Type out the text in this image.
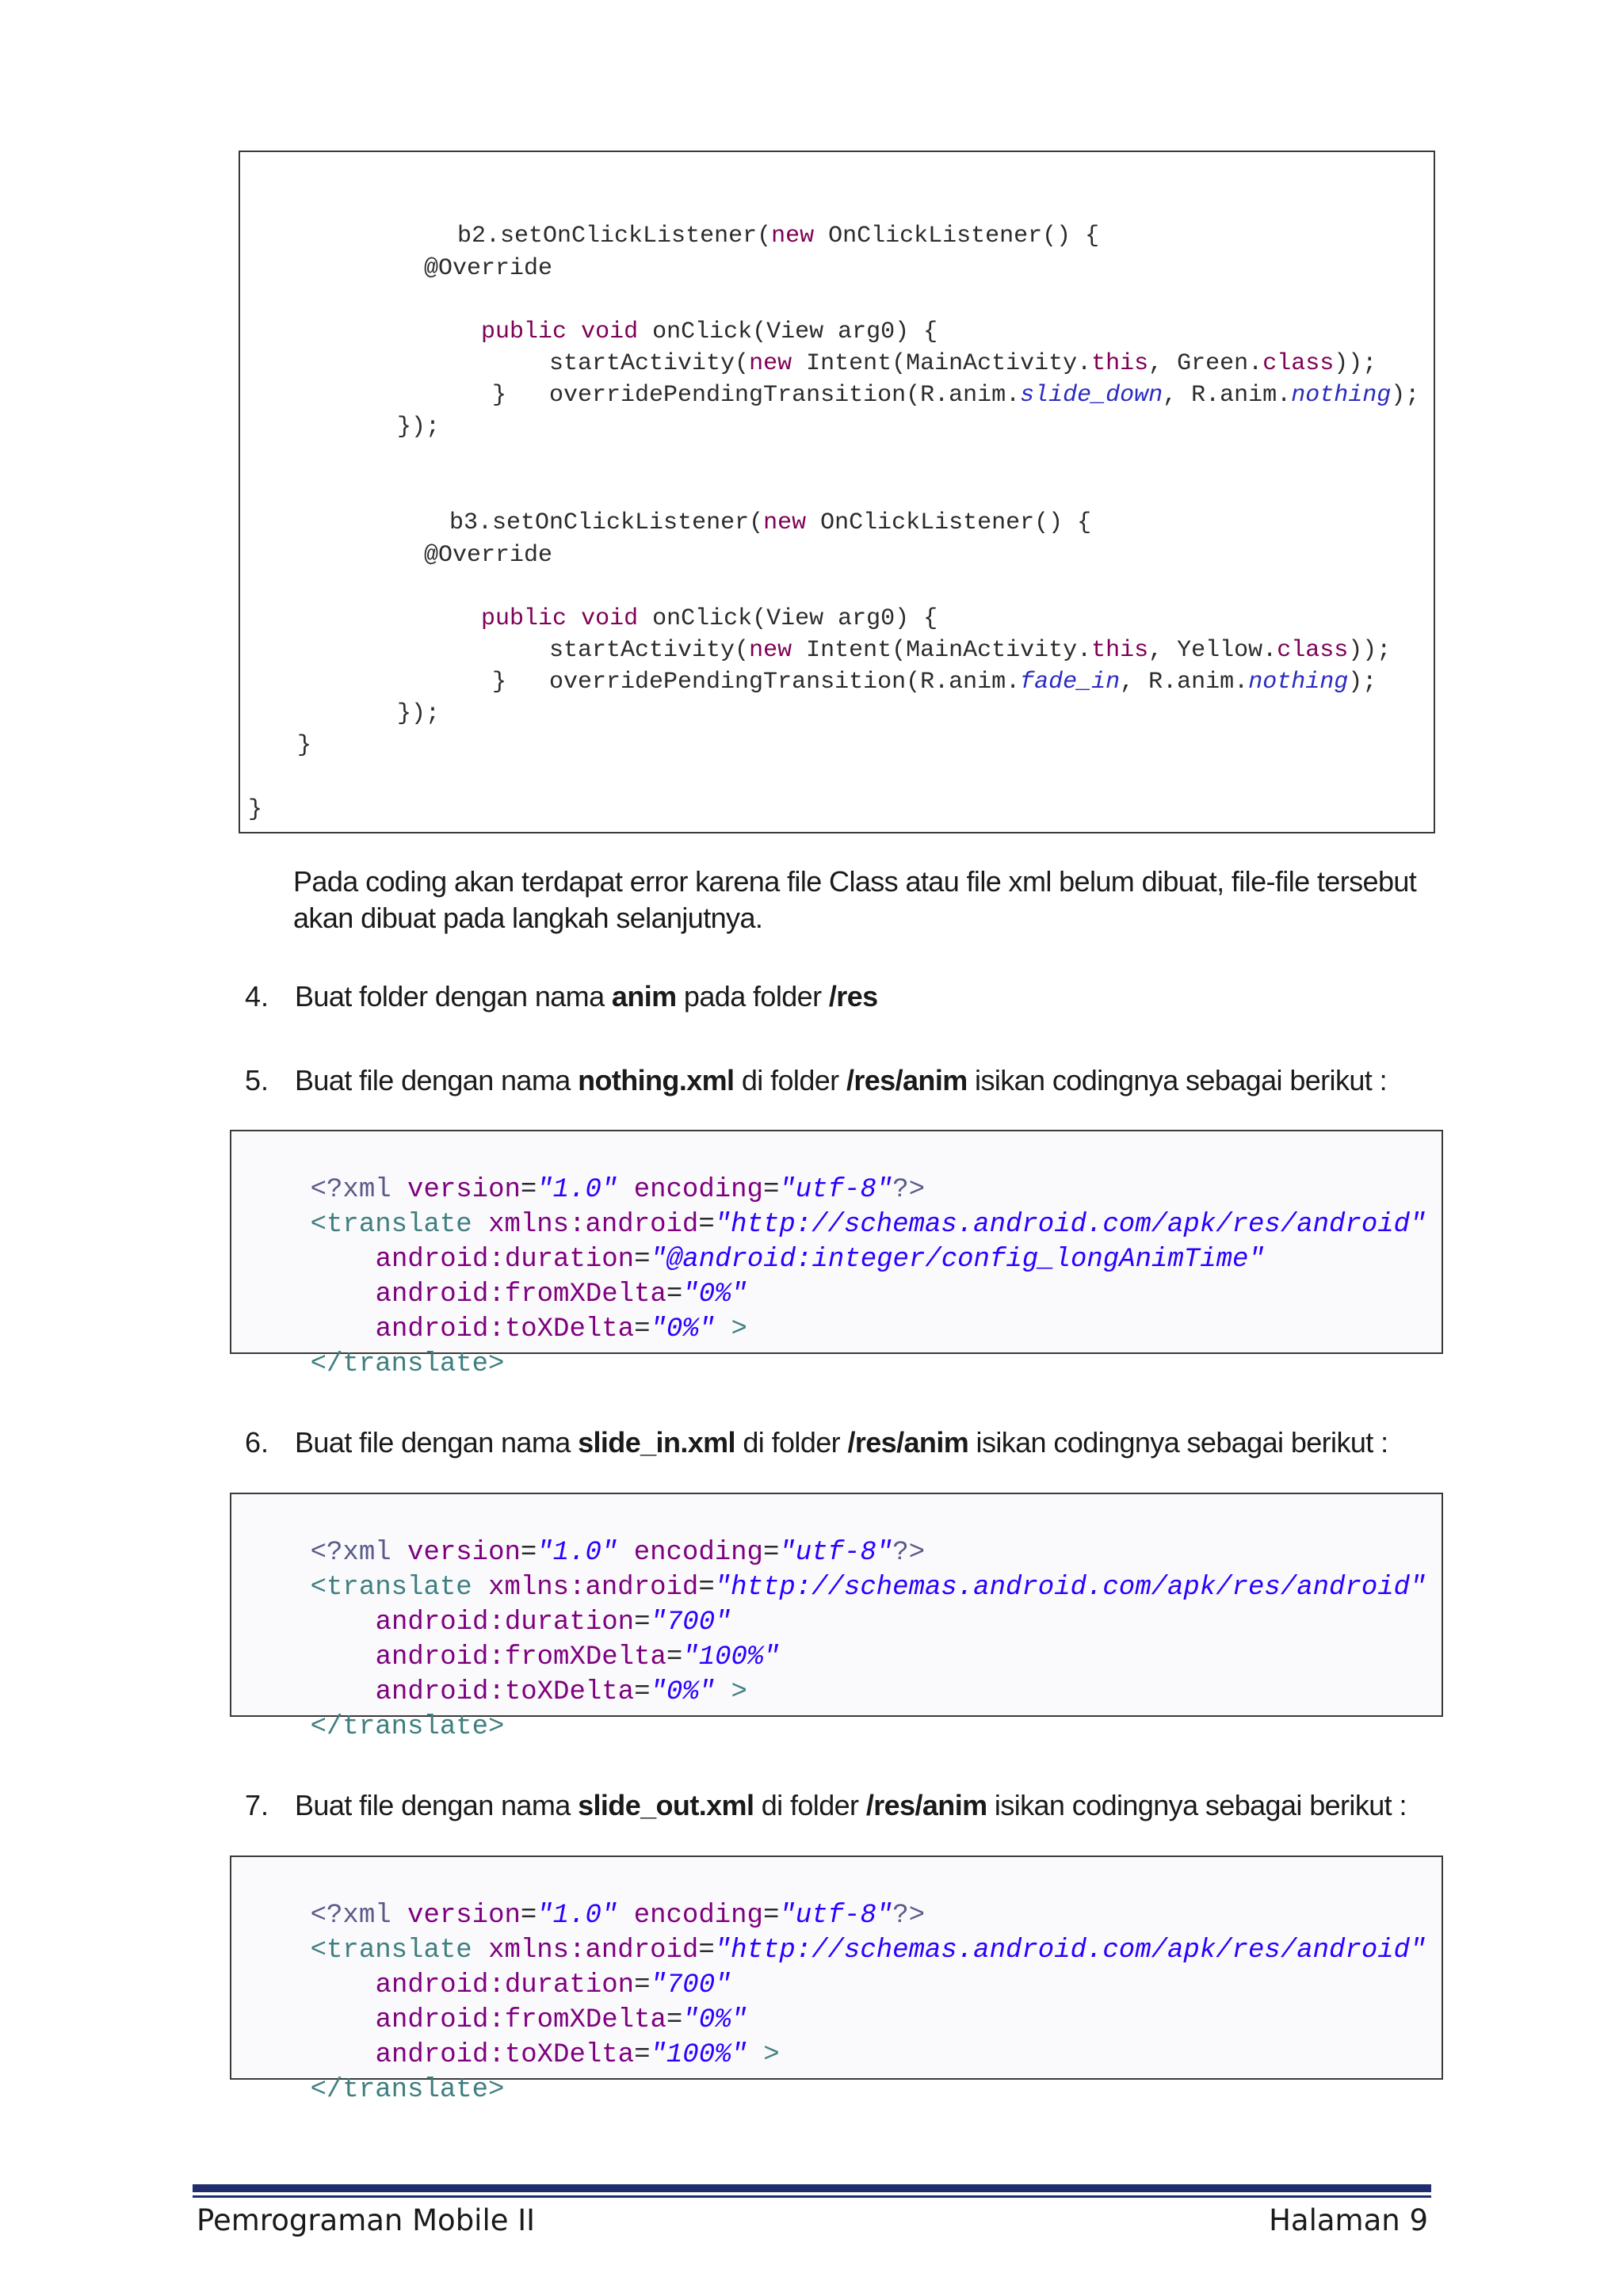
b2.setOnClickListener(new OnClickListener() {

@Override

public void onClick(View arg0) {

startActivity(new Intent(MainActivity.this, Green.class));

overridePendingTransition(R.anim.slide_down, R.anim.nothing);

}
});

b3.setOnClickListener(new OnClickListener() {

@Override

public void onClick(View arg0) {

startActivity(new Intent(MainActivity.this, Yellow.class));

overridePendingTransition(R.anim.fade_in, R.anim.nothing);

}
});
}
}
Pada coding akan terdapat error karena file Class atau file xml belum dibuat, file-file tersebut
akan dibuat pada langkah selanjutnya.
4. Buat folder dengan nama anim pada folder /res
5. Buat file dengan nama nothing.xml di folder /res/anim isikan codingnya sebagai berikut :

<?xml version="1.0" encoding="utf-8"?>

<translate xmlns:android="http://schemas.android.com/apk/res/android"

android:duration="@android:integer/config_longAnimTime"

android:fromXDelta="0%"

android:toXDelta="0%" >

</translate>

6. Buat file dengan nama slide_in.xml di folder /res/anim isikan codingnya sebagai berikut :

<?xml version="1.0" encoding="utf-8"?>

<translate xmlns:android="http://schemas.android.com/apk/res/android"

android:duration="700"

android:fromXDelta="100%"

android:toXDelta="0%" >

</translate>

7. Buat file dengan nama slide_out.xml di folder /res/anim isikan codingnya sebagai berikut :

<?xml version="1.0" encoding="utf-8"?>

<translate xmlns:android="http://schemas.android.com/apk/res/android"

android:duration="700"

android:fromXDelta="0%"

android:toXDelta="100%" >

</translate>

Pemrograman Mobile II	Halaman 9
